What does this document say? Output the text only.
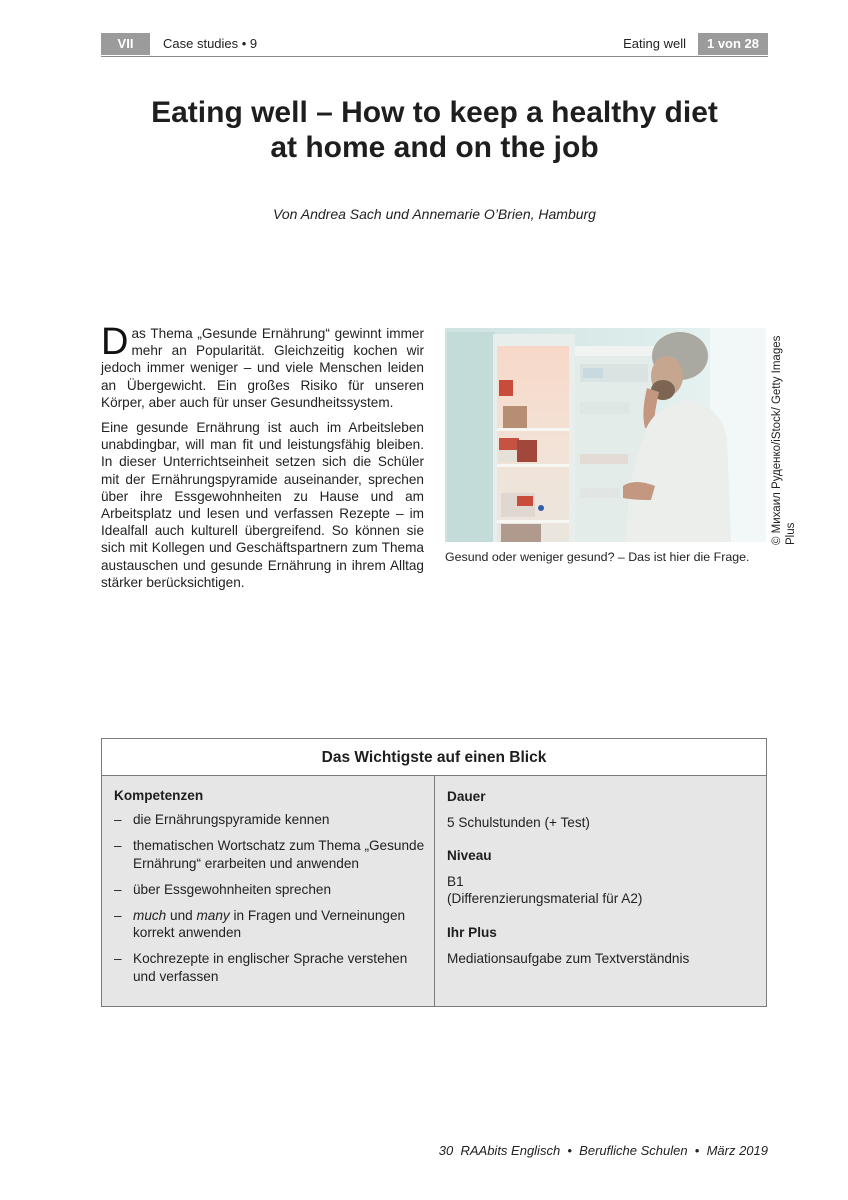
VII	Case studies • 9	Eating well	1 von 28
Eating well – How to keep a healthy diet
at home and on the job
Von Andrea Sach und Annemarie O’Brien, Hamburg

Das Thema „Gesunde Ernährung“ gewinnt immer mehr an Popularität. Gleichzeitig kochen wir jedoch immer weniger – und viele Menschen leiden an Übergewicht. Ein großes Risiko für unseren Körper, aber auch für unser Gesundheitssystem.

Eine gesunde Ernährung ist auch im Arbeitsleben unabdingbar, will man fit und leistungsfähig bleiben. In dieser Unterrichtseinheit setzen sich die Schüler mit der Ernährungspyramide auseinander, sprechen über ihre Essgewohnheiten zu Hause und am Arbeitsplatz und lesen und verfassen Rezepte – im Idealfall auch kulturell übergreifend. So können sie sich mit Kollegen und Geschäftspartnern zum Thema austauschen und gesunde Ernährung in ihrem Alltag stärker berücksichtigen.

© Михаил Руденко/iStock/ Getty Images Plus
Gesund oder weniger gesund? – Das ist hier die Frage.
Das Wichtigste auf einen Blick
Kompetenzen
– die Ernährungspyramide kennen
– thematischen Wortschatz zum Thema „Gesunde Ernährung“ erarbeiten und anwenden
– über Essgewohnheiten sprechen
– much und many in Fragen und Verneinungen korrekt anwenden
– Kochrezepte in englischer Sprache verstehen und verfassen
Dauer
5 Schulstunden (+ Test)
Niveau
B1
(Differenzierungsmaterial für A2)
Ihr Plus
Mediationsaufgabe zum Textverständnis
30  RAAbits Englisch  •  Berufliche Schulen  •  März 2019
